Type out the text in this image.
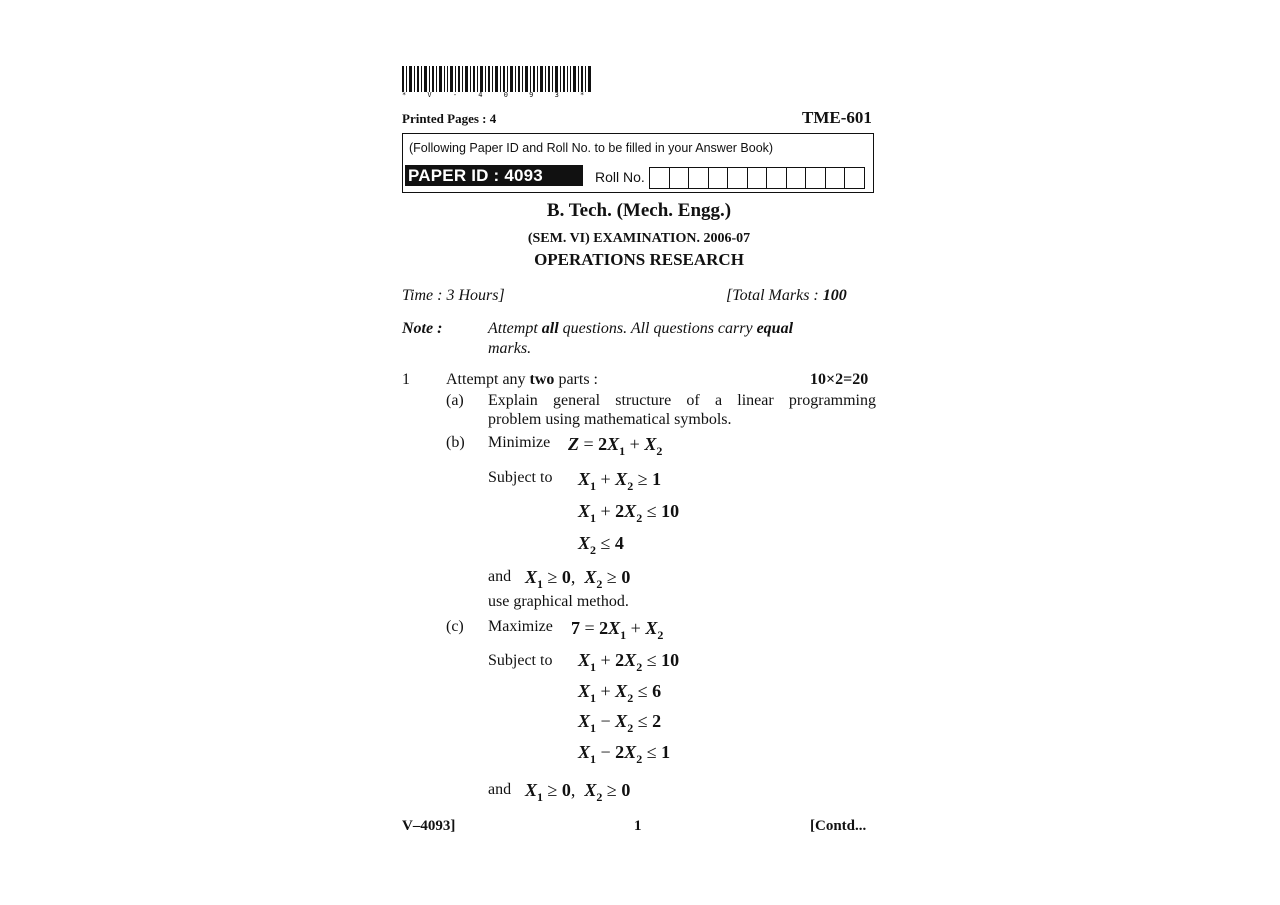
* V - 4 0 9 3 *
Printed Pages : 4	TME-601
(Following Paper ID and Roll No. to be filled in your Answer Book)
PAPER ID : 4093	Roll No.
B. Tech. (Mech. Engg.)
(SEM. VI) EXAMINATION. 2006-07
OPERATIONS RESEARCH
Time : 3 Hours]	[Total Marks : 100
Note :	Attempt all questions. All questions carry equal
marks.
1 Attempt any two parts :	10×2=20
(a) Explain general structure of a linear programming
problem using mathematical symbols.
(b) Minimize $Z = 2X_1 + X_2$
Subject to $X_1 + X_2 \ge 1$
$X_1 + 2X_2 \le 10$
$X_2 \le 4$
and $X_1 \ge 0$,  $X_2 \ge 0$
use graphical method.
(c) Maximize $7 = 2X_1 + X_2$
Subject to $X_1 + 2X_2 \le 10$
$X_1 + X_2 \le 6$
$X_1 - X_2 \le 2$
$X_1 - 2X_2 \le 1$
and $X_1 \ge 0$,  $X_2 \ge 0$
V–4093]	1	[Contd...
